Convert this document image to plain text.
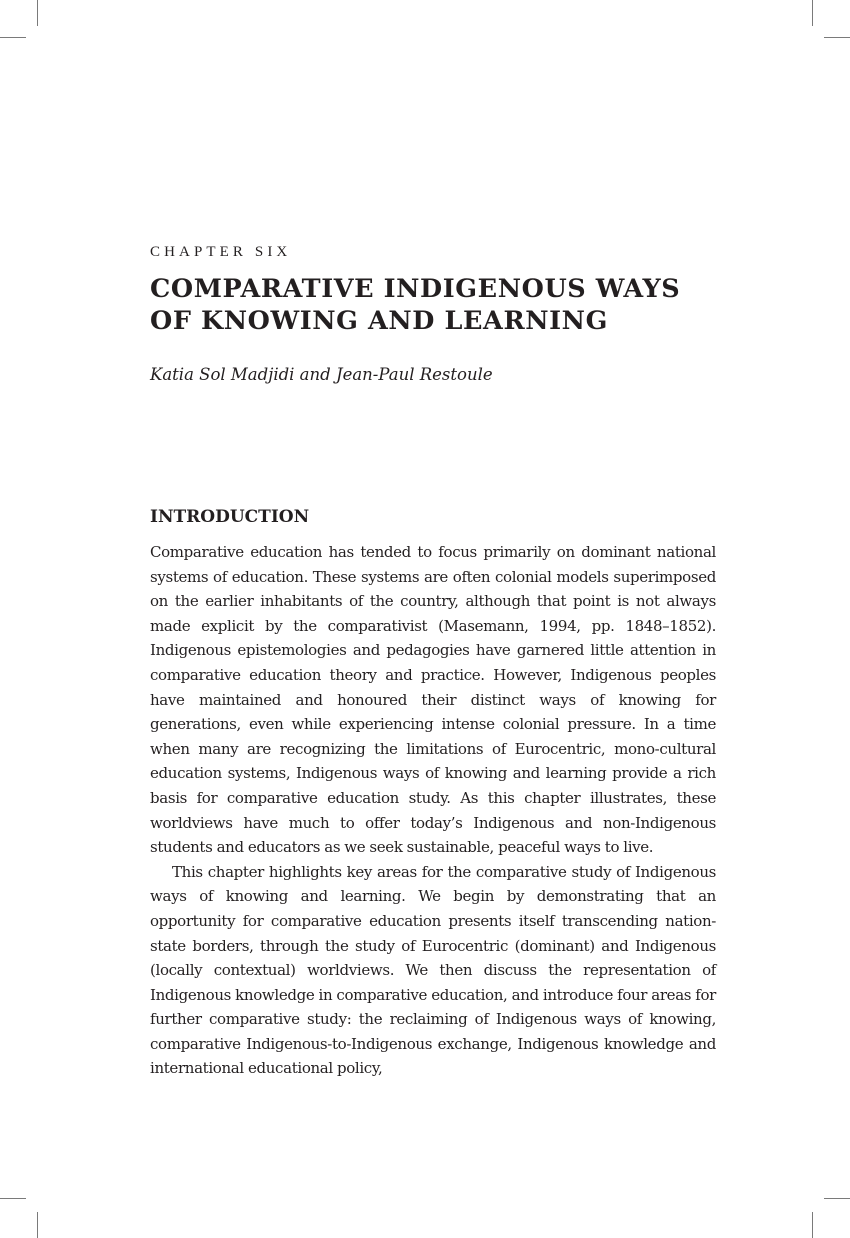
CHAPTER SIX
COMPARATIVE INDIGENOUS WAYS
OF KNOWING AND LEARNING
Katia Sol Madjidi and Jean-Paul Restoule
INTRODUCTION

Comparative education has tended to focus primarily on dominant national systems of education. These systems are often colonial models superimposed on the earlier inhabitants of the country, although that point is not always made explicit by the comparativist (Masemann, 1994, pp. 1848–1852). Indigenous epistemologies and pedagogies have garnered little attention in comparative education theory and practice. However, Indigenous peoples have maintained and honoured their distinct ways of knowing for generations, even while experiencing intense colonial pressure. In a time when many are recognizing the limitations of Eurocentric, mono-cultural education systems, Indigenous ways of knowing and learning provide a rich basis for comparative education study. As this chapter illustrates, these worldviews have much to offer today’s Indigenous and non-Indigenous students and educators as we seek sustainable, peaceful ways to live.

This chapter highlights key areas for the comparative study of Indigenous ways of knowing and learning. We begin by demonstrating that an opportunity for comparative education presents itself transcending nation-state borders, through the study of Eurocentric (dominant) and Indigenous (locally contextual) worldviews. We then discuss the representation of Indigenous knowledge in comparative education, and introduce four areas for further comparative study: the reclaiming of Indigenous ways of knowing, comparative Indigenous-to-Indigenous exchange, Indigenous knowledge and international educational policy,
